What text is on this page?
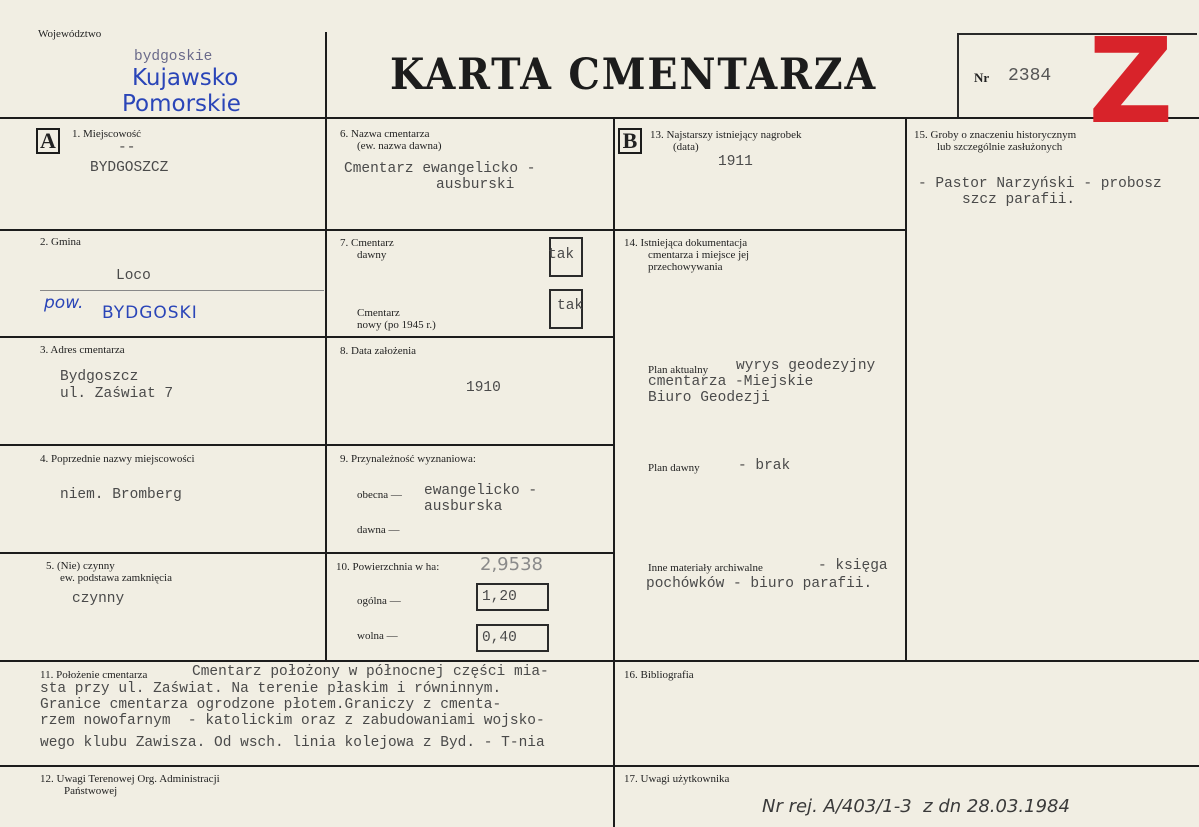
Województwo
bydgoskie
Kujawsko
Pomorskie
KARTA CMENTARZA	Nr 2384 Z
A	1. Miejscowość
--
BYDGOSZCZ
2. Gmina
Loco
pow. BYDGOSKI
3. Adres cmentarza
Bydgoszcz
ul. Zaświat 7
4. Poprzednie nazwy miejscowości
niem. Bromberg
5. (Nie) czynny
ew. podstawa zamknięcia
czynny
6. Nazwa cmentarza
(ew. nazwa dawna)
Cmentarz ewangelicko -
ausburski
7. Cmentarz
dawny	tak
Cmentarz
nowy (po 1945 r.)
tak
8. Data założenia
1910
9. Przynależność wyznaniowa:
obecna — ewangelicko -
ausburska
dawna —
10. Powierzchnia w ha: 2,9538
ogólna —	1,20
wolna —	0,40
B	13. Najstarszy istniejący nagrobek
(data)
1911
14. Istniejąca dokumentacja
cmentarza i miejsce jej
przechowywania
Plan aktualny wyrys geodezyjny
cmentarza -Miejskie
Biuro Geodezji
Plan dawny	- brak
Inne materiały archiwalne	- księga
pochówków - biuro parafii.
15. Groby o znaczeniu historycznym
lub szczególnie zasłużonych
- Pastor Narzyński - probosz
szcz parafii.
11. Położenie cmentarza	Cmentarz położony w północnej części mia-
sta przy ul. Zaświat. Na terenie płaskim i równinnym.
Granice cmentarza ogrodzone płotem.Graniczy z cmenta-
rzem nowofarnym  - katolickim oraz z zabudowaniami wojsko-
wego klubu Zawisza. Od wsch. linia kolejowa z Byd. - T-nia
16. Bibliografia
12. Uwagi Terenowej Org. Administracji
Państwowej
17. Uwagi użytkownika
Nr rej. A/403/1-3  z dn 28.03.1984
